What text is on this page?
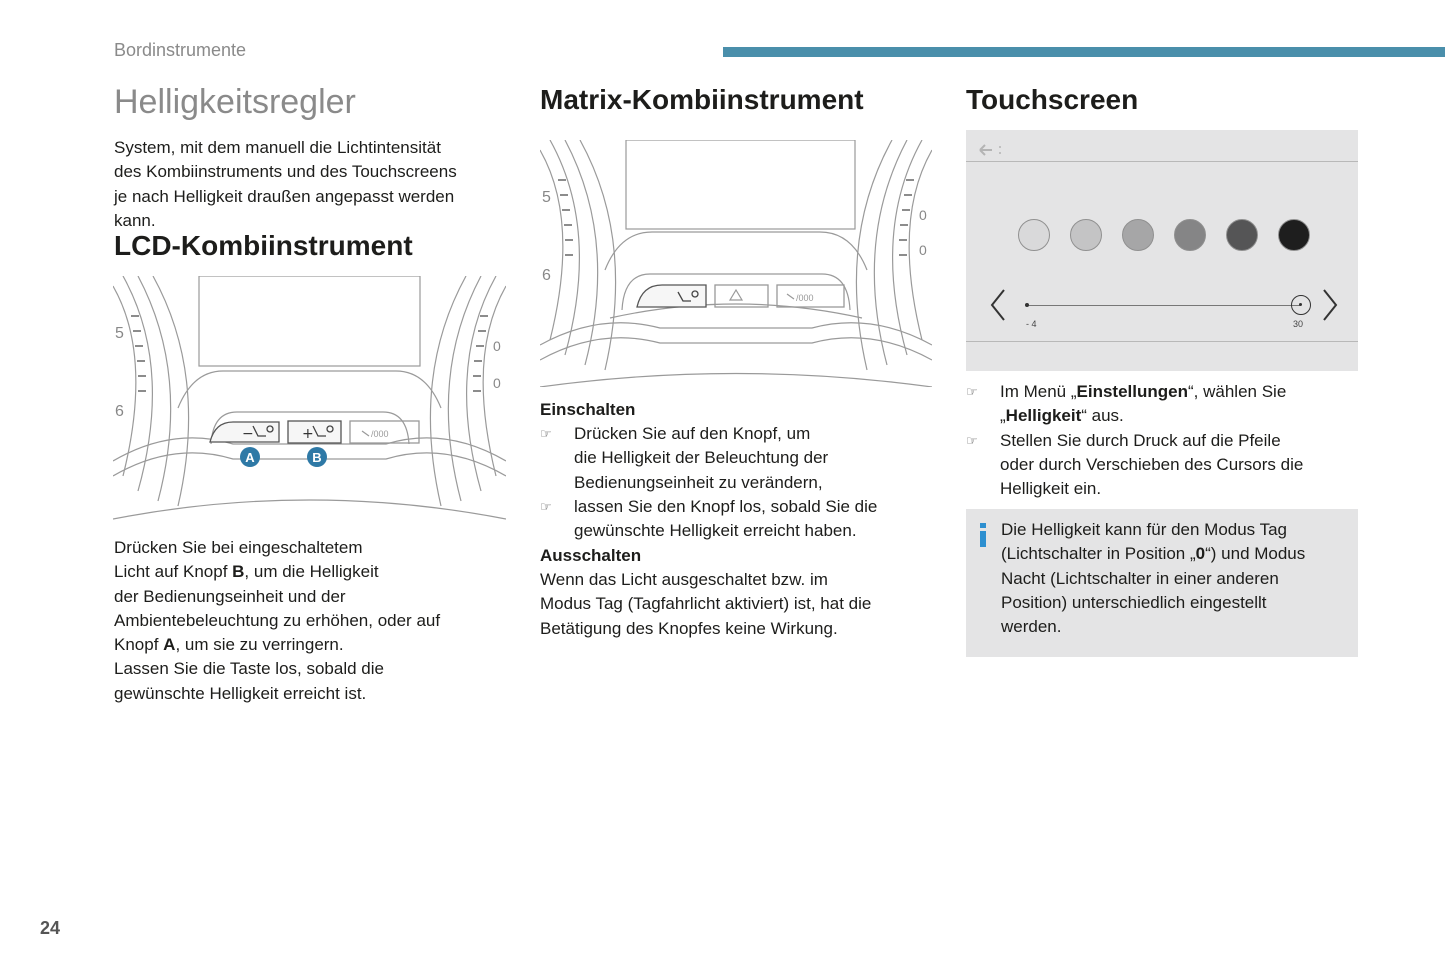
Bordinstrumente
Helligkeitsregler
System, mit dem manuell die Lichtintensität
des Kombiinstruments und des Touchscreens
je nach Helligkeit draußen angepasst werden
kann.
LCD-Kombiinstrument
5
6
0
0
−	+	/000
A	B
Drücken Sie bei eingeschaltetem
Licht auf Knopf B, um die Helligkeit
der Bedienungseinheit und der
Ambientebeleuchtung zu erhöhen, oder auf
Knopf A, um sie zu verringern.
Lassen Sie die Taste los, sobald die
gewünschte Helligkeit erreicht ist.
Matrix-Kombiinstrument
5
6
0
0
/000
Einschalten
☞ Drücken Sie auf den Knopf, um
die Helligkeit der Beleuchtung der
Bedienungseinheit zu verändern,
☞ lassen Sie den Knopf los, sobald Sie die
gewünschte Helligkeit erreicht haben.
Ausschalten
Wenn das Licht ausgeschaltet bzw. im
Modus Tag (Tagfahrlicht aktiviert) ist, hat die
Betätigung des Knopfes keine Wirkung.
Touchscreen
- 4	30
☞ Im Menü „Einstellungen“, wählen Sie
„Helligkeit“ aus.
☞ Stellen Sie durch Druck auf die Pfeile
oder durch Verschieben des Cursors die
Helligkeit ein.
Die Helligkeit kann für den Modus Tag
(Lichtschalter in Position „0“) und Modus
Nacht (Lichtschalter in einer anderen
Position) unterschiedlich eingestellt
werden.
24
